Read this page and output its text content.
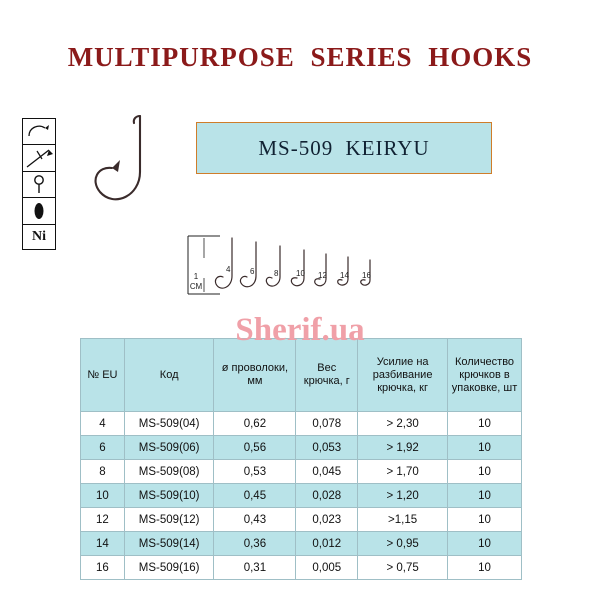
MULTIPURPOSE SERIES HOOKS
Ni
MS-509 KEIRYU
4 6 8 10 12 14 16
1
СМ
Sherif.ua
№ EU	Код	ø проволоки, мм	Вес крючка, г	Усилие на разбивание крючка, кг	Количество крючков в упаковке, шт
4	MS-509(04)	0,62	0,078	> 2,30	10
6	MS-509(06)	0,56	0,053	> 1,92	10
8	MS-509(08)	0,53	0,045	> 1,70	10
10	MS-509(10)	0,45	0,028	> 1,20	10
12	MS-509(12)	0,43	0,023	>1,15	10
14	MS-509(14)	0,36	0,012	> 0,95	10
16	MS-509(16)	0,31	0,005	> 0,75	10
